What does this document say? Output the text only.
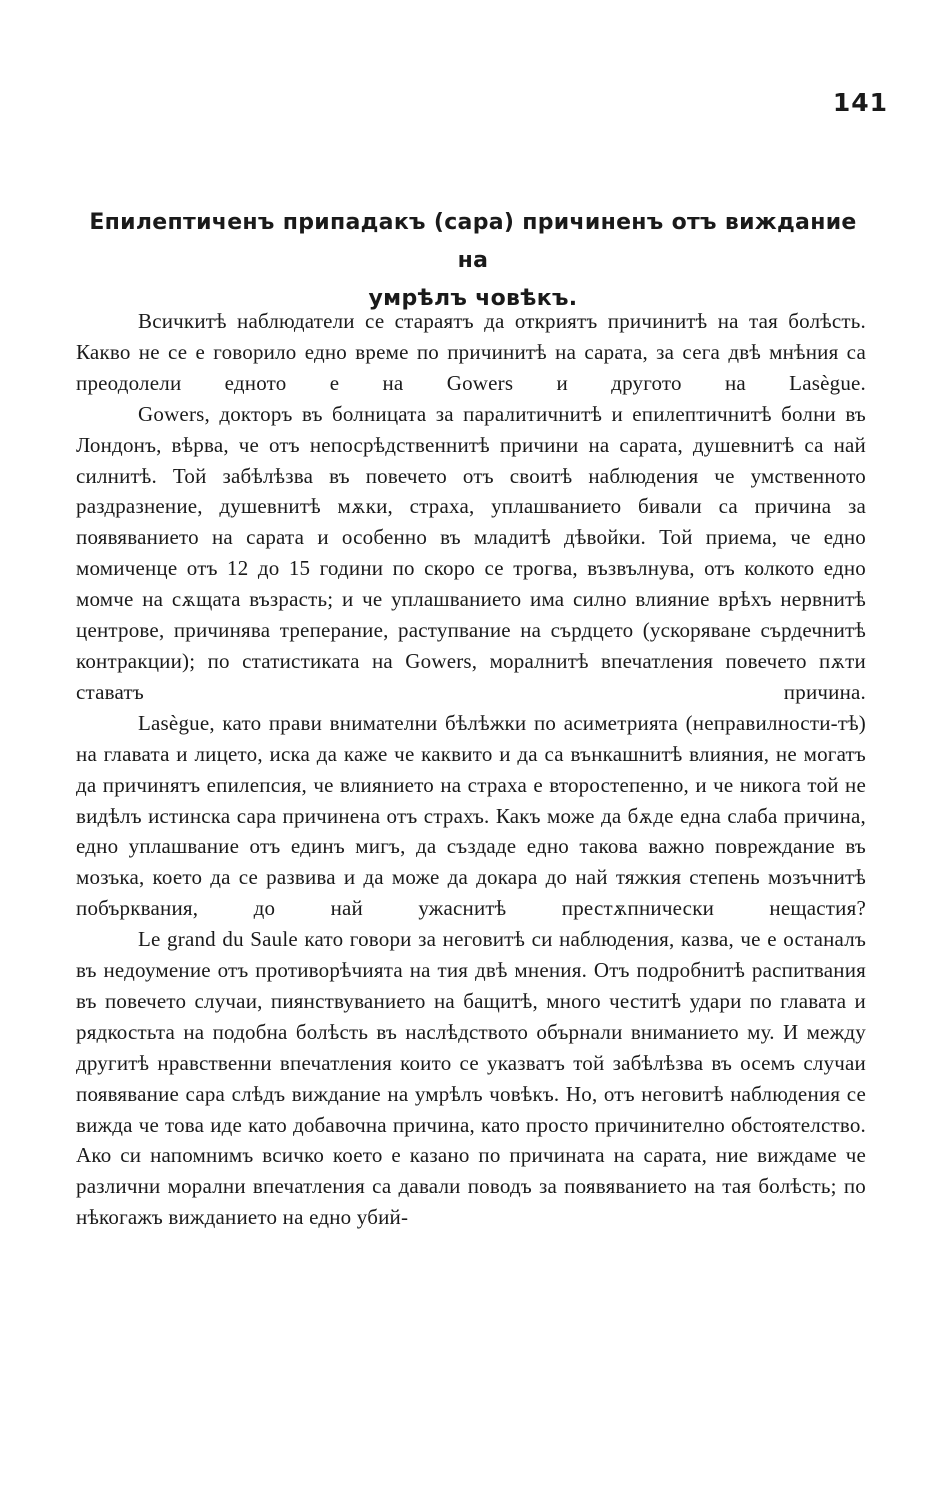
141
Епилептиченъ припадакъ (сара) причиненъ отъ виждание на
умрѣлъ човѣкъ.

Всичкитѣ наблюдатели се стараятъ да откриятъ причинитѣ на тая болѣсть. Какво не се е говорило едно време по причинитѣ на сарата, за сега двѣ мнѣния са преодолели едното е на Gowers и другото на Lasègue.

Gowers, докторъ въ болницата за паралитичнитѣ и епилептичнитѣ болни въ Лондонъ, вѣрва, че отъ непосрѣдственнитѣ причини на сарата, душевнитѣ са най силнитѣ. Той забѣлѣзва въ повечето отъ своитѣ наблюдения че умственното раздразнение, душевнитѣ мѫки, страха, уплашванието бивали са причина за появяванието на сарата и особенно въ младитѣ дѣвойки. Той приема, че едно момиченце отъ 12 до 15 години по скоро се трогва, възвълнува, отъ колкото едно момче на сѫщата възрасть; и че уплашванието има силно влияние врѣхъ нервнитѣ центрове, причинява треперание, раступвание на сърдцето (ускоряване сърдечнитѣ контракции); по статистиката на Gowers, моралнитѣ впечатления повечето пѫти ставатъ причина.

Lasègue, като прави внимателни бѣлѣжки по асиметрията (неправилности-тѣ) на главата и лицето, иска да каже че каквито и да са вънкашнитѣ влияния, не могатъ да причинятъ епилепсия, че влиянието на страха е второстепенно, и че никога той не видѣлъ истинска сара причинена отъ страхъ. Какъ може да бѫде една слаба причина, едно уплашвание отъ единъ мигъ, да създаде едно такова важно повреждание въ мозъка, което да се развива и да може да докара до най тяжкия степень мозъчнитѣ побърквания, до най ужаснитѣ престѫпнически нещастия?

Le grand du Saule като говори за неговитѣ си наблюдения, казва, че е останалъ въ недоумение отъ противорѣчията на тия двѣ мнения. Отъ подробнитѣ распитвания въ повечето случаи, пиянствуванието на бащитѣ, много честитѣ удари по главата и рядкостьта на подобна болѣсть въ наслѣдството обърнали вниманието му. И между другитѣ нравственни впечатления които се указватъ той забѣлѣзва въ осемъ случаи появявание сара слѣдъ виждание на умрѣлъ човѣкъ. Но, отъ неговитѣ наблюдения се вижда че това иде като добавочна причина, като просто причинително обстоятелство. Ако си напомнимъ всичко което е казано по причината на сарата, ние виждаме че различни морални впечатления са давали поводъ за появяванието на тая болѣсть; по нѣкогажъ вижданието на едно убий-
